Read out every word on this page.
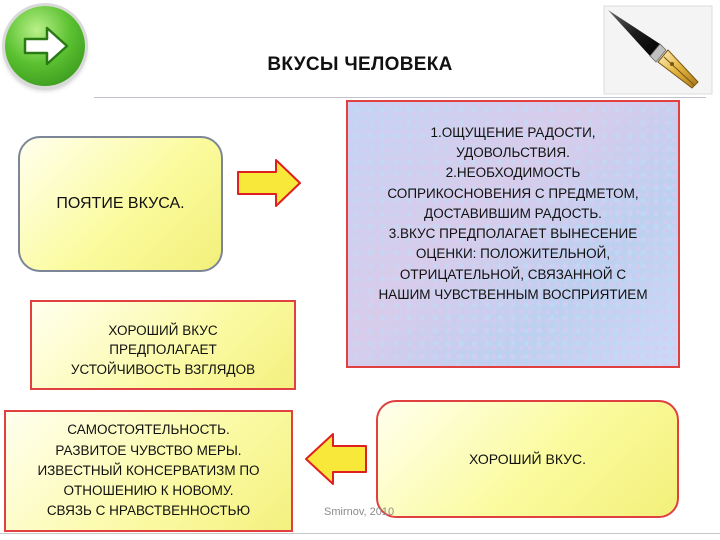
ВКУСЫ ЧЕЛОВЕКА
ПОЯТИЕ ВКУСА.
1.ОЩУЩЕНИЕ РАДОСТИ,
УДОВОЛЬСТВИЯ.
2.НЕОБХОДИМОСТЬ
СОПРИКОСНОВЕНИЯ С ПРЕДМЕТОМ,
ДОСТАВИВШИМ РАДОСТЬ.
3.ВКУС ПРЕДПОЛАГАЕТ ВЫНЕСЕНИЕ
ОЦЕНКИ: ПОЛОЖИТЕЛЬНОЙ,
ОТРИЦАТЕЛЬНОЙ, СВЯЗАННОЙ С
НАШИМ ЧУВСТВЕННЫМ ВОСПРИЯТИЕМ
ХОРОШИЙ ВКУС
ПРЕДПОЛАГАЕТ
УСТОЙЧИВОСТЬ ВЗГЛЯДОВ
САМОСТОЯТЕЛЬНОСТЬ.
РАЗВИТОЕ ЧУВСТВО МЕРЫ.
ИЗВЕСТНЫЙ КОНСЕРВАТИЗМ ПО
ОТНОШЕНИЮ К НОВОМУ.
СВЯЗЬ С НРАВСТВЕННОСТЬЮ
ХОРОШИЙ ВКУС.
Smirnov, 2010
